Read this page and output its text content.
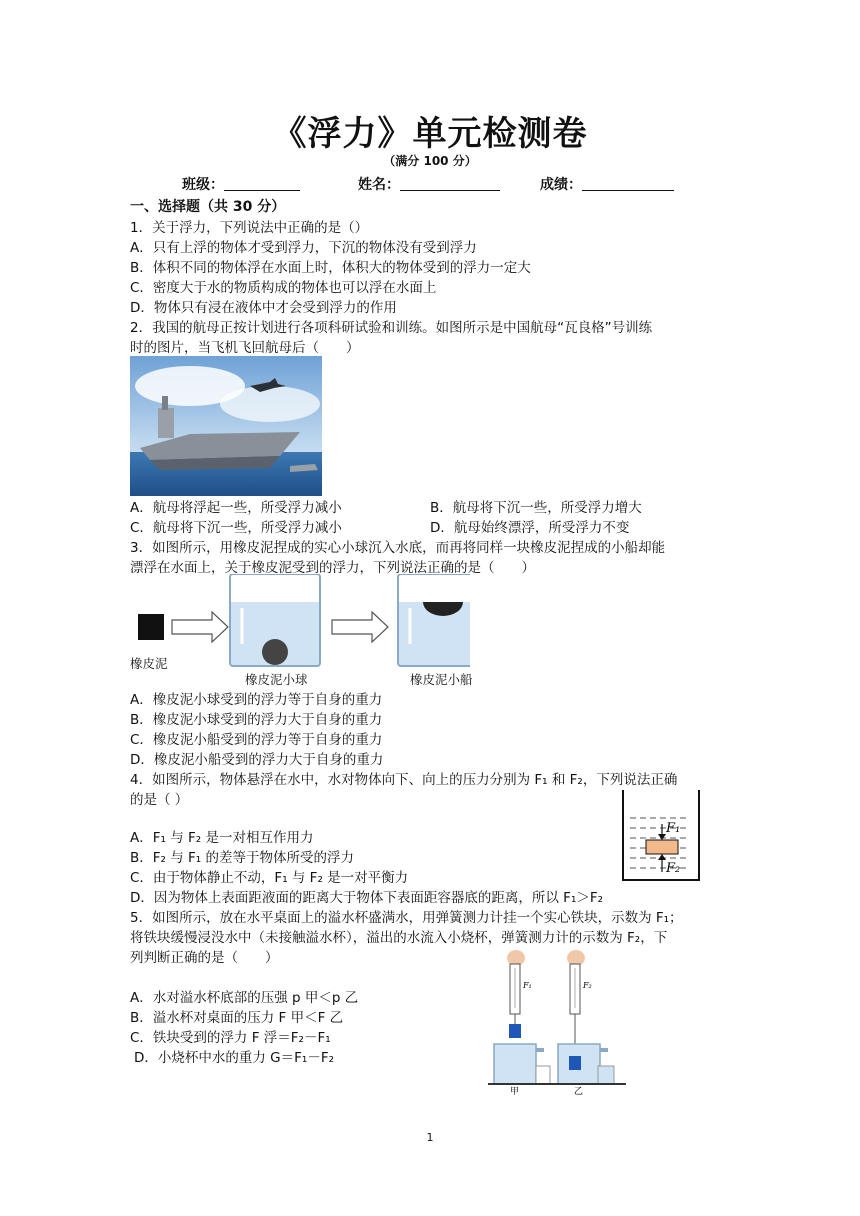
《浮力》单元检测卷
（满分 100 分）
班级：	姓名：	成绩：
一、选择题（共 30 分）
1．关于浮力，下列说法中正确的是（）
A．只有上浮的物体才受到浮力，下沉的物体没有受到浮力
B．体积不同的物体浮在水面上时，体积大的物体受到的浮力一定大
C．密度大于水的物质构成的物体也可以浮在水面上
D．物体只有浸在液体中才会受到浮力的作用
2．我国的航母正按计划进行各项科研试验和训练。如图所示是中国航母“瓦良格”号训练
时的图片，当飞机飞回航母后（　　）
A．航母将浮起一些，所受浮力减小	B．航母将下沉一些，所受浮力增大
C．航母将下沉一些，所受浮力减小	D．航母始终漂浮，所受浮力不变
3．如图所示，用橡皮泥捏成的实心小球沉入水底，而再将同样一块橡皮泥捏成的小船却能
漂浮在水面上，关于橡皮泥受到的浮力，下列说法正确的是（　　）
橡皮泥
橡皮泥小球	橡皮泥小船
A．橡皮泥小球受到的浮力等于自身的重力
B．橡皮泥小球受到的浮力大于自身的重力
C．橡皮泥小船受到的浮力等于自身的重力
D．橡皮泥小船受到的浮力大于自身的重力
4．如图所示，物体悬浮在水中，水对物体向下、向上的压力分别为 F₁ 和 F₂，下列说法正确
的是（ ）
F₁
F₂
A．F₁ 与 F₂ 是一对相互作用力
B．F₂ 与 F₁ 的差等于物体所受的浮力
C．由于物体静止不动，F₁ 与 F₂ 是一对平衡力
D．因为物体上表面距液面的距离大于物体下表面距容器底的距离，所以 F₁＞F₂
5．如图所示，放在水平桌面上的溢水杯盛满水，用弹簧测力计挂一个实心铁块，示数为 F₁；
将铁块缓慢浸没水中（未接触溢水杯），溢出的水流入小烧杯，弹簧测力计的示数为 F₂，下
列判断正确的是（　　）
A．水对溢水杯底部的压强 p 甲＜p 乙
B．溢水杯对桌面的压力 F 甲＜F 乙
C．铁块受到的浮力 F 浮＝F₂－F₁
D．小烧杯中水的重力 G＝F₁－F₂
F₁	F₂
甲	乙
1
